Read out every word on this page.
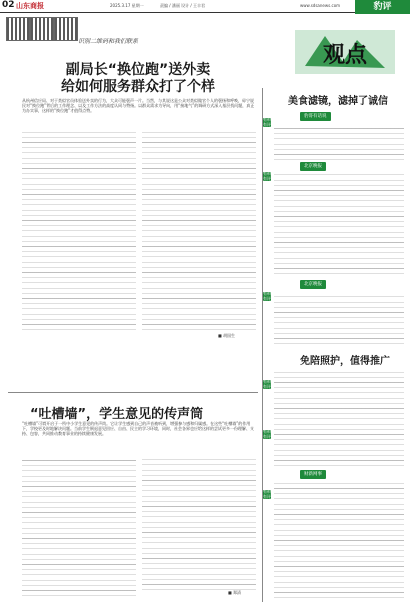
02 山东商报	2025.3.17 星期一	责编 / 潘丽 设计 / 王丰君	www.sdsanews.com	豹评
识别二维码和我们联系
观点
副局长“换位跑”送外卖
给如何服务群众打了个样
从杭州信应局、对于类似官员体验送外卖的行为，大众可能褒声一片。当然，与其说这是公众对类似做官个人的褒扬和呼唤，毋宁说民对“换位跑”背后的工作理念、以及工作方法的高度认同与赞扬。以群众需求为导向，用“接地气”的调研方式深入基层找问题，真正为办实事，这样的“换位跑”才值得点赞。
■ 胡国生
“吐槽墙”，学生意见的传声筒
“吐槽墙”可谓开启于一所中小学生意见的传声筒。它让学生感到自己的声音被听到，增强参与感和归属感。在这些“吐槽墙”的作用下，学校更及时地解决问题。当前学生倒退意见回应、自由、民主的学习环境，同时，社会各界也应给这样的尝试更多一份理解、支持、包容，共同推动教育事业的持续健康发展。
■ 郑清
美食滤镜，滤掉了诚信
豹哥有话说
北京晚报
北京晚报
免陪照护，值得推广
财新网事
有料有评
有料有评
有料有评
有料有评
有料有评
有料有评
